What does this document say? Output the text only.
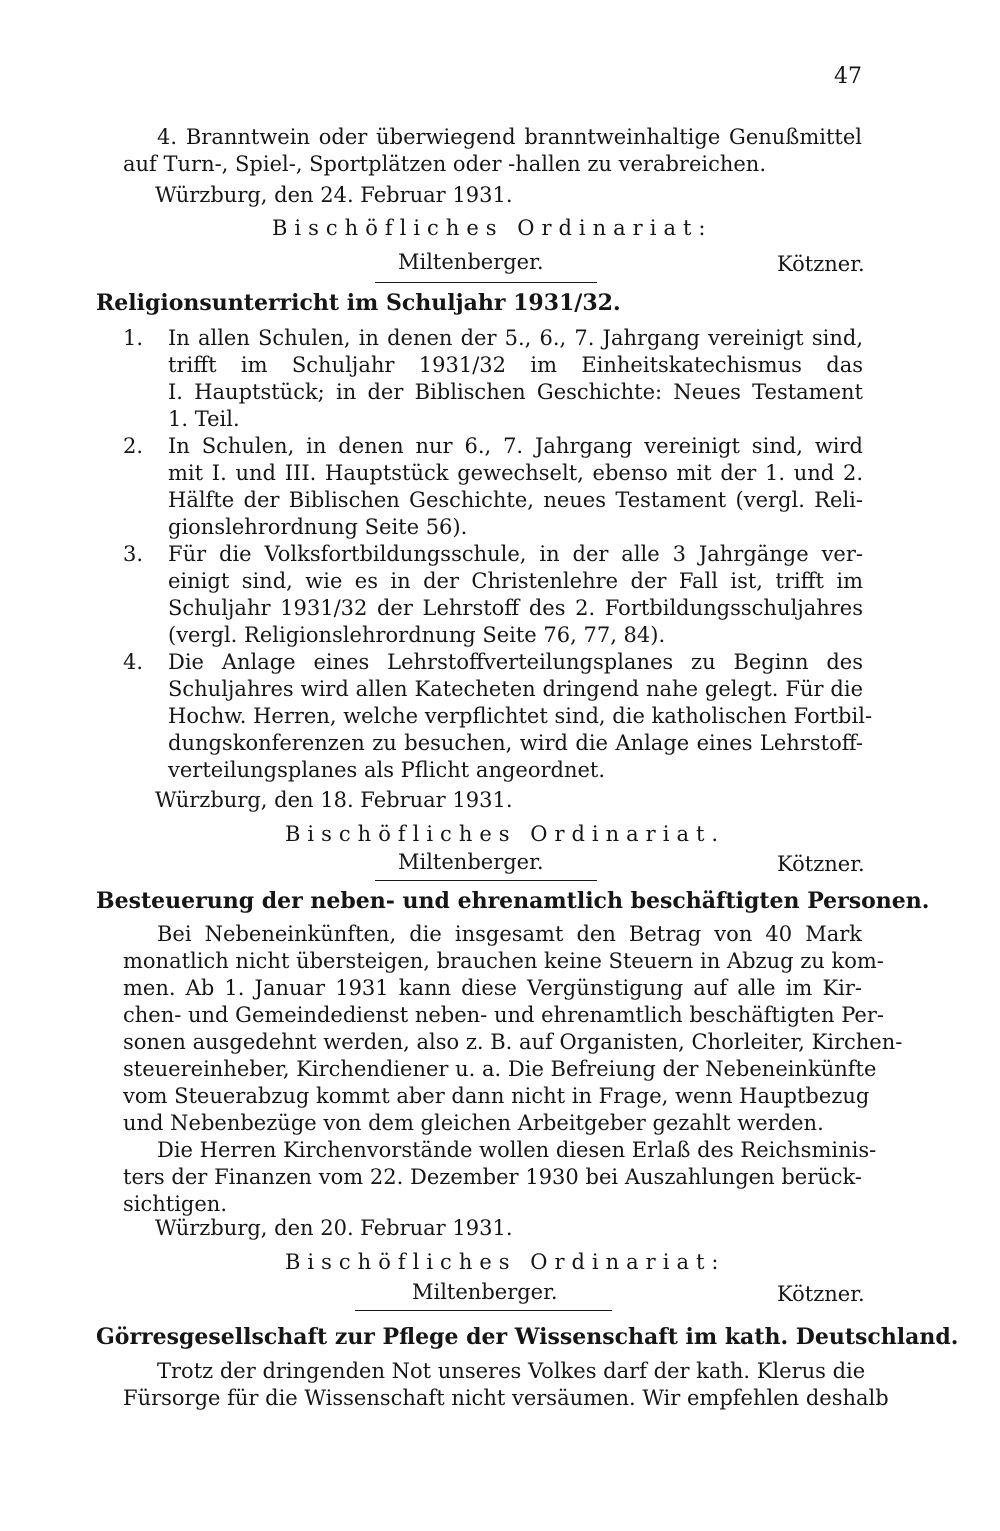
47
4. Branntwein oder überwiegend branntweinhaltige Genußmittel
auf Turn-, Spiel-, Sportplätzen oder -hallen zu verabreichen.
Würzburg, den 24. Februar 1931.
Bischöfliches Ordinariat:
Miltenberger.	Kötzner.
Religionsunterricht im Schuljahr 1931/32.
1. In allen Schulen, in denen der 5., 6., 7. Jahrgang vereinigt sind,
trifft im Schuljahr 1931/32 im Einheitskatechismus das
I. Hauptstück; in der Biblischen Geschichte: Neues Testament
1. Teil.
2. In Schulen, in denen nur 6., 7. Jahrgang vereinigt sind, wird
mit I. und III. Hauptstück gewechselt, ebenso mit der 1. und 2.
Hälfte der Biblischen Geschichte, neues Testament (vergl. Reli-
gionslehrordnung Seite 56).
3. Für die Volksfortbildungsschule, in der alle 3 Jahrgänge ver-
einigt sind, wie es in der Christenlehre der Fall ist, trifft im
Schuljahr 1931/32 der Lehrstoff des 2. Fortbildungsschuljahres
(vergl. Religionslehrordnung Seite 76, 77, 84).
4. Die Anlage eines Lehrstoffverteilungsplanes zu Beginn des
Schuljahres wird allen Katecheten dringend nahe gelegt. Für die
Hochw. Herren, welche verpflichtet sind, die katholischen Fortbil-
dungskonferenzen zu besuchen, wird die Anlage eines Lehrstoff-
verteilungsplanes als Pflicht angeordnet.
Würzburg, den 18. Februar 1931.
Bischöfliches Ordinariat.
Miltenberger.	Kötzner.
Besteuerung der neben- und ehrenamtlich beschäftigten Personen.
Bei Nebeneinkünften, die insgesamt den Betrag von 40 Mark
monatlich nicht übersteigen, brauchen keine Steuern in Abzug zu kom-
men. Ab 1. Januar 1931 kann diese Vergünstigung auf alle im Kir-
chen- und Gemeindedienst neben- und ehrenamtlich beschäftigten Per-
sonen ausgedehnt werden, also z. B. auf Organisten, Chorleiter, Kirchen-
steuereinheber, Kirchendiener u. a. Die Befreiung der Nebeneinkünfte
vom Steuerabzug kommt aber dann nicht in Frage, wenn Hauptbezug
und Nebenbezüge von dem gleichen Arbeitgeber gezahlt werden.
Die Herren Kirchenvorstände wollen diesen Erlaß des Reichsminis-
ters der Finanzen vom 22. Dezember 1930 bei Auszahlungen berück-
sichtigen.
Würzburg, den 20. Februar 1931.
Bischöfliches Ordinariat:
Miltenberger.	Kötzner.
Görresgesellschaft zur Pflege der Wissenschaft im kath. Deutschland.
Trotz der dringenden Not unseres Volkes darf der kath. Klerus die
Fürsorge für die Wissenschaft nicht versäumen. Wir empfehlen deshalb
